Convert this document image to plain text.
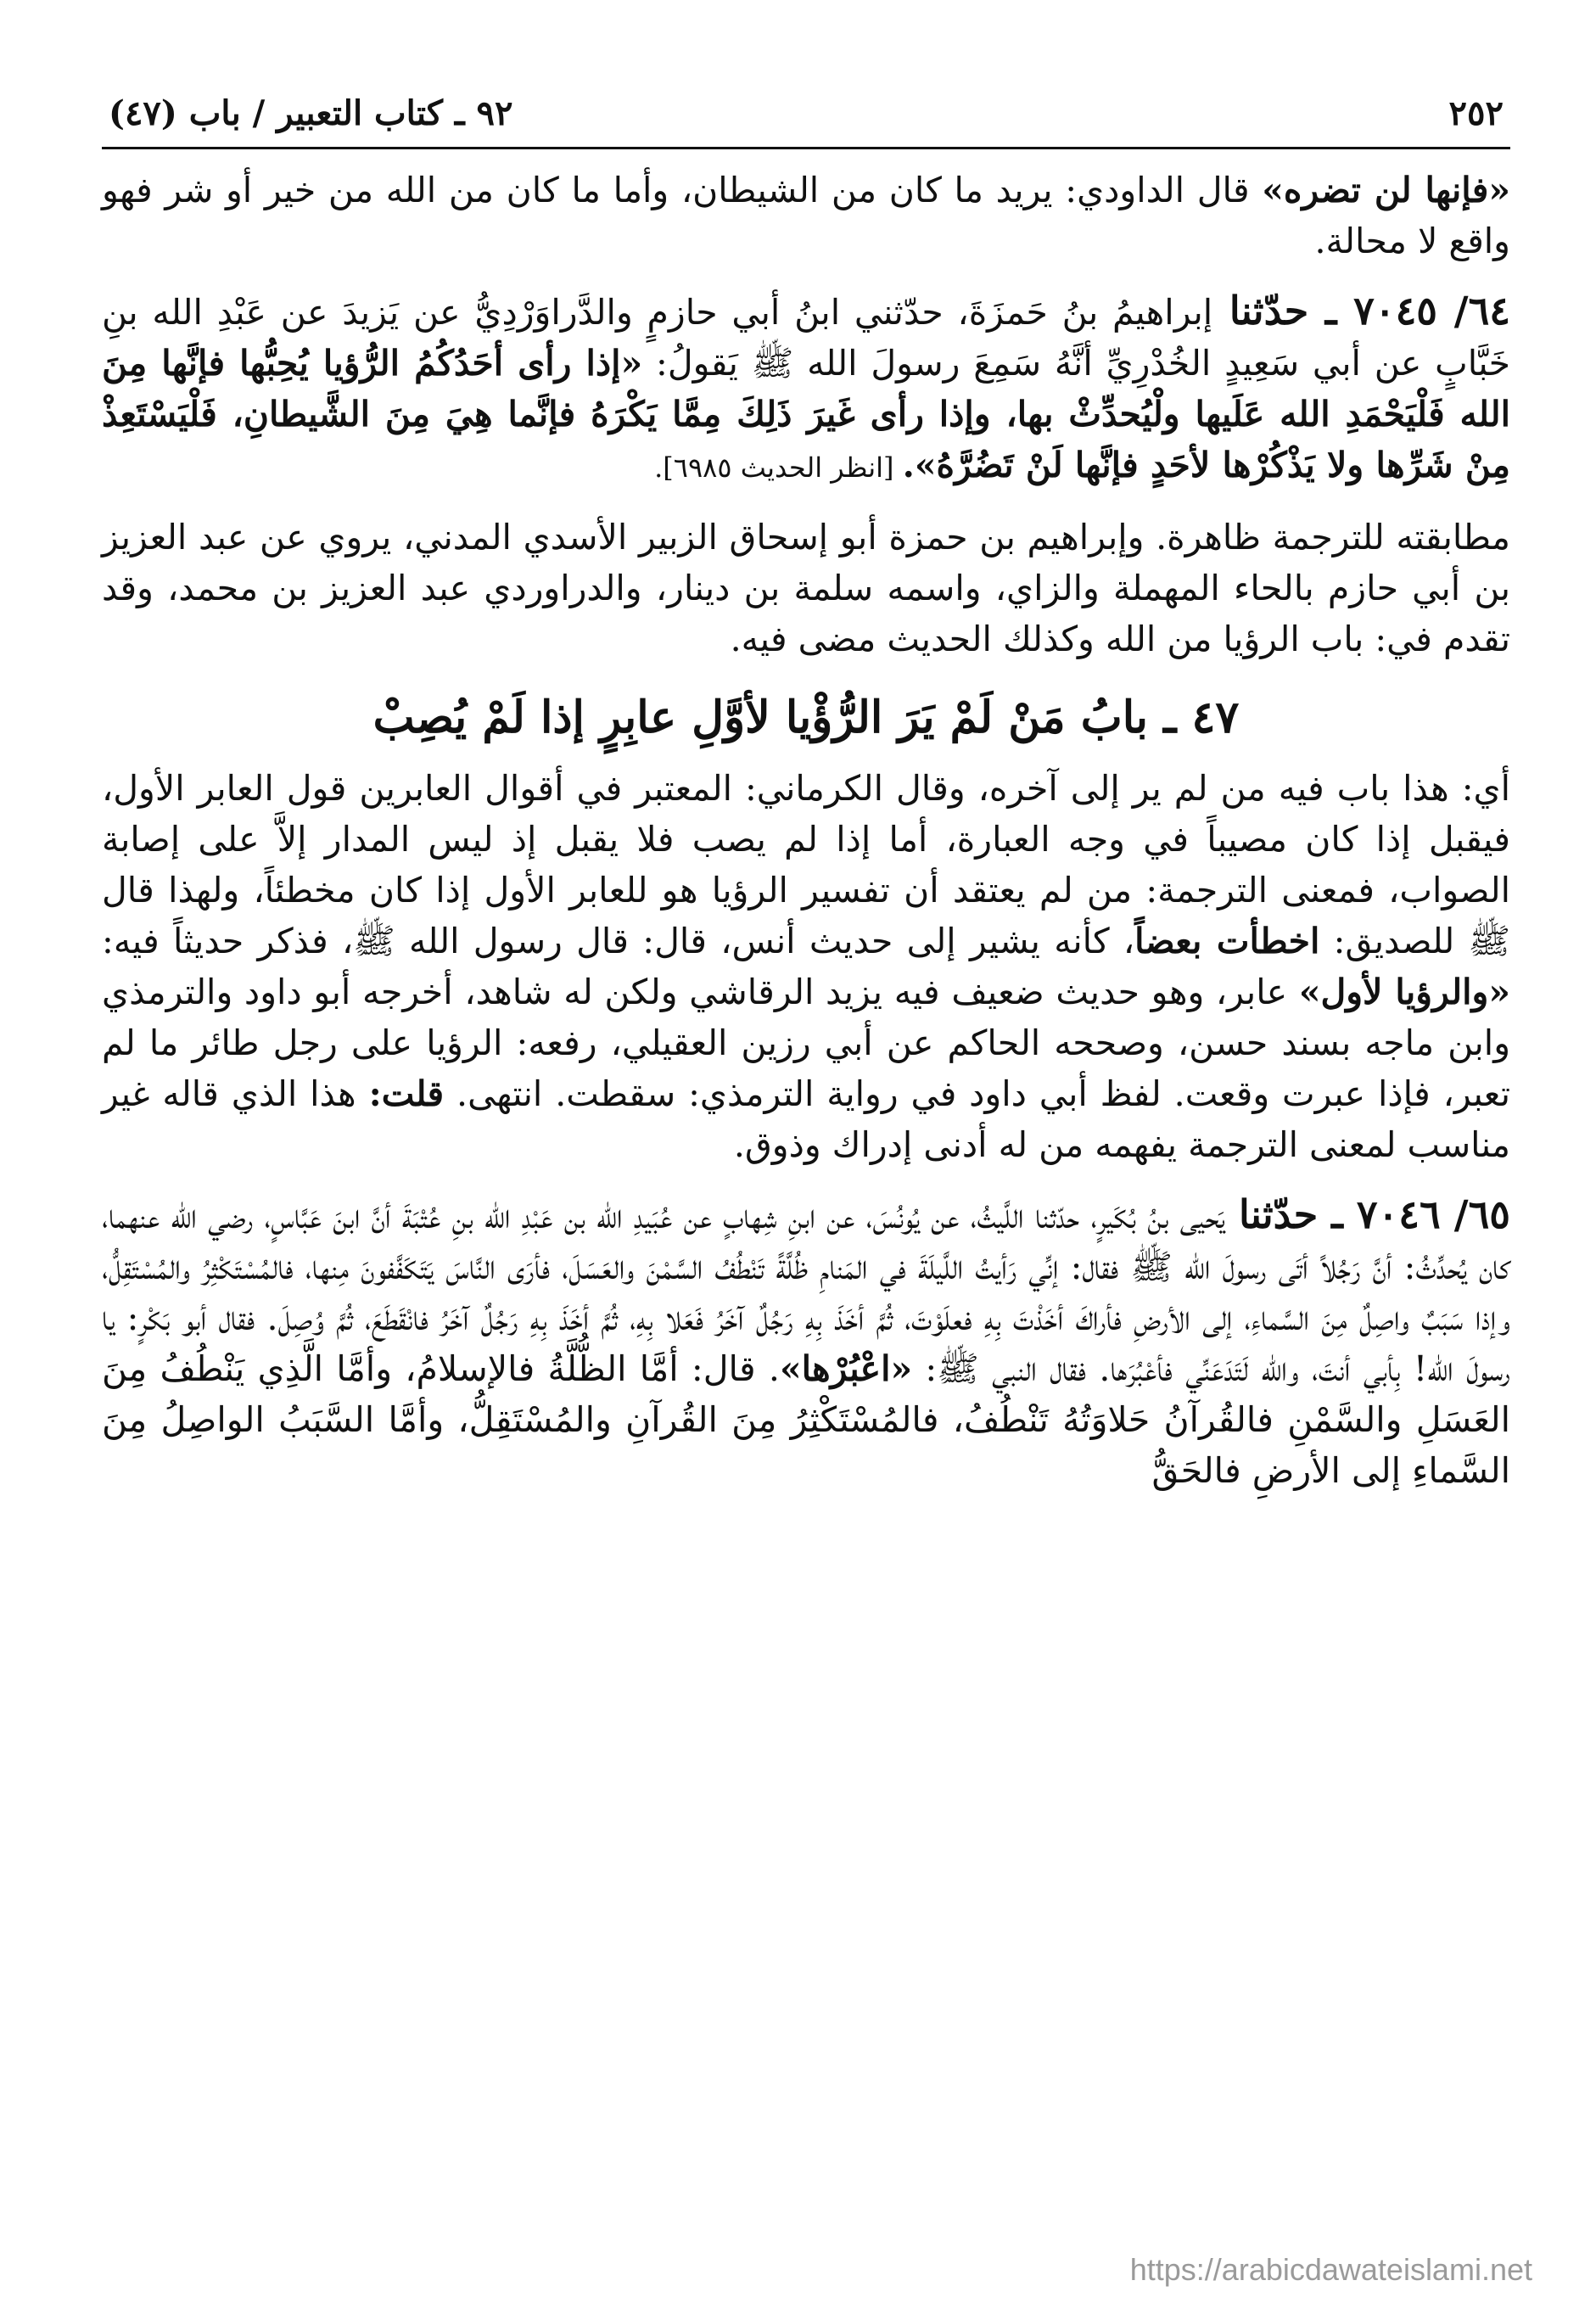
٢٥٢
٩٢ ـ كتاب التعبير / باب (٤٧)

«فإنها لن تضره» قال الداودي: يريد ما كان من الشيطان، وأما ما كان من الله من خير أو شر فهو واقع لا محالة.

٦٤/ ٧٠٤٥ ـ حدّثنا إبراهيمُ بنُ حَمزَةَ، حدّثني ابنُ أبي حازمٍ والدَّراوَرْدِيُّ عن يَزيدَ عن عَبْدِ الله بنِ خَبَّابٍ عن أبي سَعِيدٍ الخُدْرِيِّ أنَّهُ سَمِعَ رسولَ الله ﷺ يَقولُ: «إذا رأى أحَدُكُمُ الرُّؤيا يُحِبُّها فإنَّها مِنَ الله فَلْيَحْمَدِ الله عَلَيها ولْيُحدِّثْ بها، وإذا رأى غَيرَ ذَلِكَ مِمَّا يَكْرَهُ فإنَّما هِيَ مِنَ الشَّيطانِ، فَلْيَسْتَعِذْ مِنْ شَرِّها ولا يَذْكُرْها لأحَدٍ فإنَّها لَنْ تَضُرَّهُ». [انظر الحديث ٦٩٨٥].

مطابقته للترجمة ظاهرة. وإبراهيم بن حمزة أبو إسحاق الزبير الأسدي المدني، يروي عن عبد العزيز بن أبي حازم بالحاء المهملة والزاي، واسمه سلمة بن دينار، والدراوردي عبد العزيز بن محمد، وقد تقدم في: باب الرؤيا من الله وكذلك الحديث مضى فيه.

٤٧ ـ بابُ مَنْ لَمْ يَرَ الرُّؤْيا لأوَّلِ عابِرٍ إذا لَمْ يُصِبْ

أي: هذا باب فيه من لم ير إلى آخره، وقال الكرماني: المعتبر في أقوال العابرين قول العابر الأول، فيقبل إذا كان مصيباً في وجه العبارة، أما إذا لم يصب فلا يقبل إذ ليس المدار إلاَّ على إصابة الصواب، فمعنى الترجمة: من لم يعتقد أن تفسير الرؤيا هو للعابر الأول إذا كان مخطئاً، ولهذا قال ﷺ للصديق: اخطأت بعضاً، كأنه يشير إلى حديث أنس، قال: قال رسول الله ﷺ، فذكر حديثاً فيه: «والرؤيا لأول» عابر، وهو حديث ضعيف فيه يزيد الرقاشي ولكن له شاهد، أخرجه أبو داود والترمذي وابن ماجه بسند حسن، وصححه الحاكم عن أبي رزين العقيلي، رفعه: الرؤيا على رجل طائر ما لم تعبر، فإذا عبرت وقعت. لفظ أبي داود في رواية الترمذي: سقطت. انتهى. قلت: هذا الذي قاله غير مناسب لمعنى الترجمة يفهمه من له أدنى إدراك وذوق.

٦٥/ ٧٠٤٦ ـ حدّثنا يَحيى بنُ بُكَيرٍ، حدّثنا اللَّيثُ، عن يُونُسَ، عن ابنِ شِهابٍ عن عُبَيدِ الله بن عَبْدِ الله بنِ عُتْبَةَ أنَّ ابنَ عَبَّاسٍ، رضي الله عنهما، كان يُحدِّثُ: أنَّ رَجُلاً أتَى رسولَ الله ﷺ فقال: إنِّي رَأيتُ اللَّيلَةَ في المَنامِ ظُلَّةً تَنْطُفُ السَّمْنَ والعَسَلَ، فأرَى النَّاسَ يَتَكَفَّفونَ مِنها، فالمُسْتَكْثِرُ والمُسْتَقِلُّ، وإذا سَبَبٌ واصِلٌ مِنَ السَّماءِ، إلى الأرضِ فأراكَ أخَذْتَ بِهِ فعلَوْتَ، ثُمَّ أخَذَ بِهِ رَجُلٌ آخَرُ فَعَلا بِهِ، ثُمَّ أخَذَ بِهِ رَجُلٌ آخَرُ فانْقَطَعَ، ثُمَّ وُصِلَ. فقال أبو بَكْرٍ: يا رسولَ الله! بِأبي أنتَ، والله لَتَدَعَنِّي فأعْبُرَها. فقال النبي ﷺ: «اعْبُرْها». قال: أمَّا الظُّلَّةُ فالإسلامُ، وأمَّا الَّذِي يَنْطُفُ مِنَ العَسَلِ والسَّمْنِ فالقُرآنُ حَلاوَتُهُ تَنْطُفُ، فالمُسْتَكْثِرُ مِنَ القُرآنِ والمُسْتَقِلُّ، وأمَّا السَّبَبُ الواصِلُ مِنَ السَّماءِ إلى الأرضِ فالحَقُّ

https://arabicdawateislami.net
